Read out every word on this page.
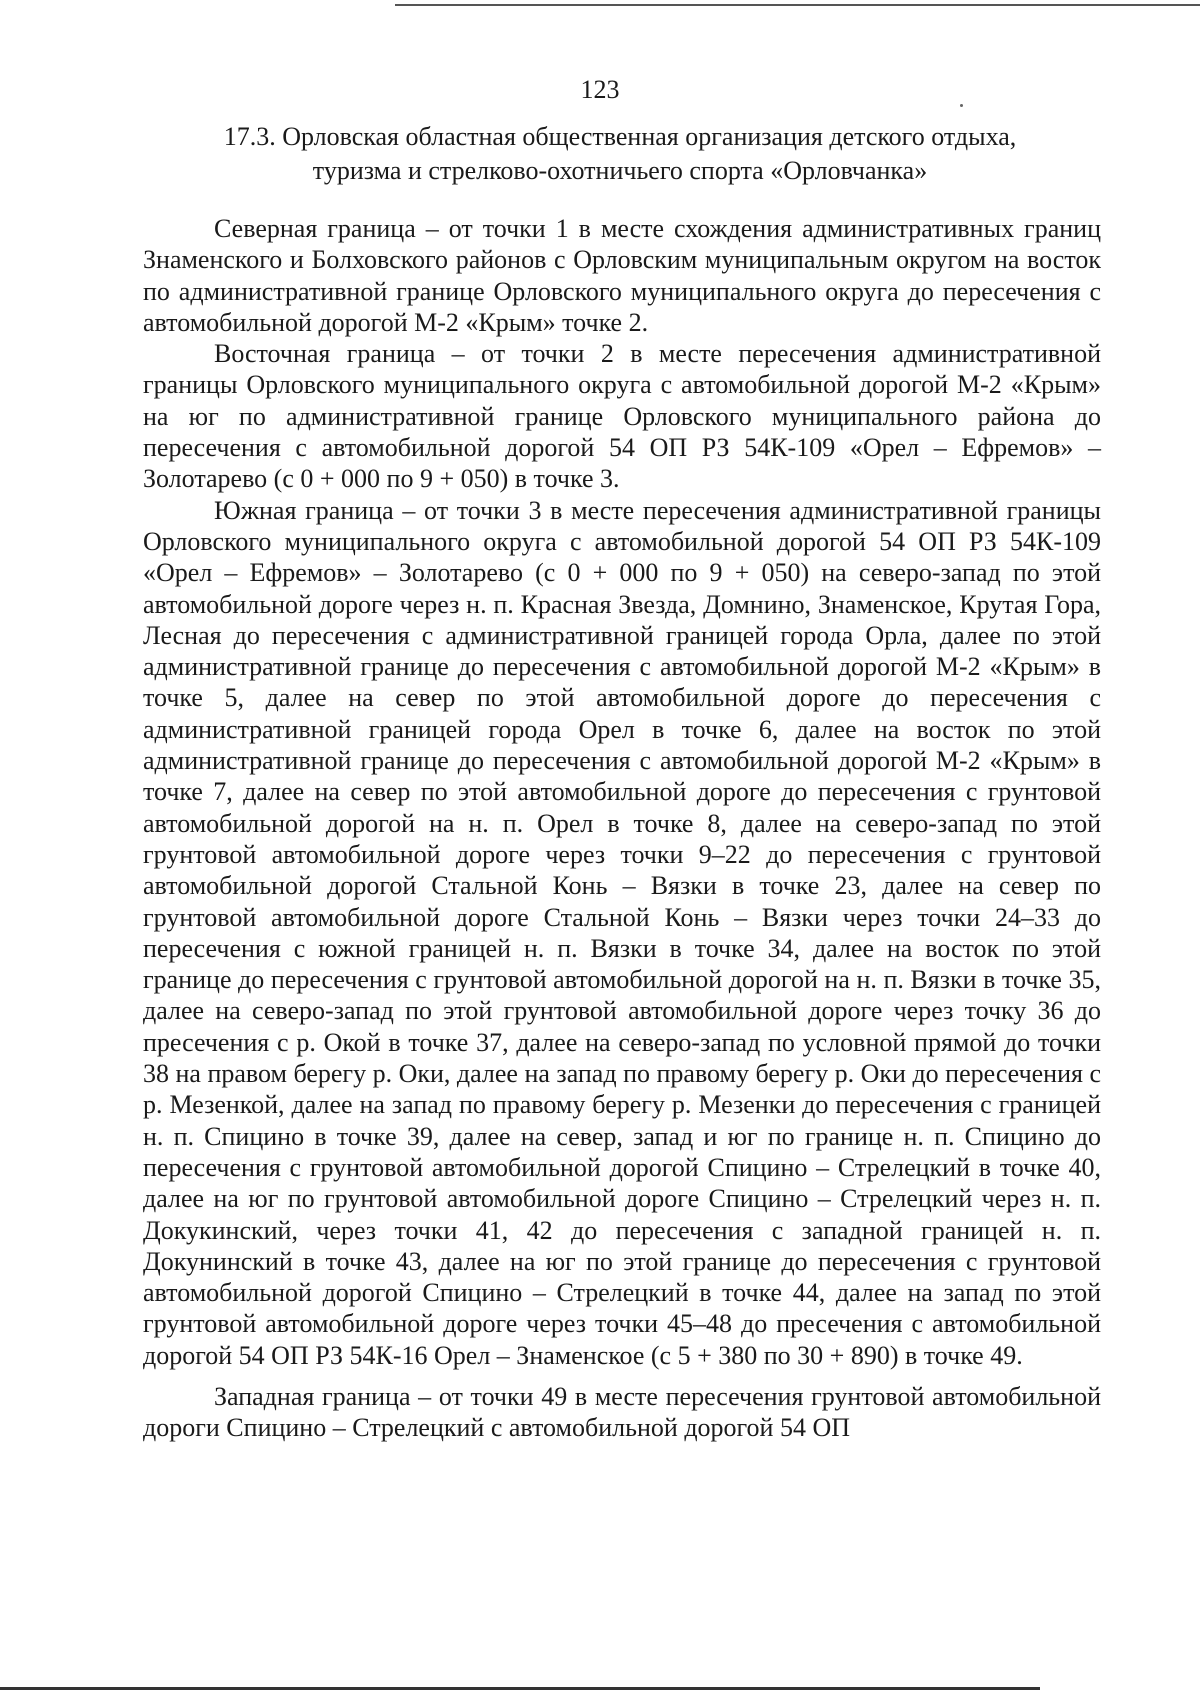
123
17.3. Орловская областная общественная организация детского отдыха,
туризма и стрелково-охотничьего спорта «Орловчанка»

Северная граница – от точки 1 в месте схождения административных границ Знаменского и Болховского районов с Орловским муниципальным округом на восток по административной границе Орловского муниципального округа до пересечения с автомобильной дорогой М-2 «Крым» точке 2.

Восточная граница – от точки 2 в месте пересечения административной границы Орловского муниципального округа с автомобильной дорогой М-2 «Крым» на юг по административной границе Орловского муниципального района до пересечения с автомобильной дорогой 54 ОП РЗ 54К-109 «Орел – Ефремов» – Золотарево (с 0 + 000 по 9 + 050) в точке 3.

Южная граница – от точки 3 в месте пересечения административной границы Орловского муниципального округа с автомобильной дорогой 54 ОП РЗ 54К-109 «Орел – Ефремов» – Золотарево (с 0 + 000 по 9 + 050) на северо-запад по этой автомобильной дороге через н. п. Красная Звезда, Домнино, Знаменское, Крутая Гора, Лесная до пересечения с административной границей города Орла, далее по этой административной границе до пересечения с автомобильной дорогой М-2 «Крым» в точке 5, далее на север по этой автомобильной дороге до пересечения с административной границей города Орел в точке 6, далее на восток по этой административной границе до пересечения с автомобильной дорогой М-2 «Крым» в точке 7, далее на север по этой автомобильной дороге до пересечения с грунтовой автомобильной дорогой на н. п. Орел в точке 8, далее на северо-запад по этой грунтовой автомобильной дороге через точки 9–22 до пересечения с грунтовой автомобильной дорогой Стальной Конь – Вязки в точке 23, далее на север по грунтовой автомобильной дороге Стальной Конь – Вязки через точки 24–33 до пересечения с южной границей н. п. Вязки в точке 34, далее на восток по этой границе до пересечения с грунтовой автомобильной дорогой на н. п. Вязки в точке 35, далее на северо-запад по этой грунтовой автомобильной дороге через точку 36 до пресечения с р. Окой в точке 37, далее на северо-запад по условной прямой до точки 38 на правом берегу р. Оки, далее на запад по правому берегу р. Оки до пересечения с р. Мезенкой, далее на запад по правому берегу р. Мезенки до пересечения с границей н. п. Спицино в точке 39, далее на север, запад и юг по границе н. п. Спицино до пересечения с грунтовой автомобильной дорогой Спицино – Стрелецкий в точке 40, далее на юг по грунтовой автомобильной дороге Спицино – Стрелецкий через н. п. Докукинский, через точки 41, 42 до пересечения с западной границей н. п. Докунинский в точке 43, далее на юг по этой границе до пересечения с грунтовой автомобильной дорогой Спицино – Стрелецкий в точке 44, далее на запад по этой грунтовой автомобильной дороге через точки 45–48 до пресечения с автомобильной дорогой 54 ОП РЗ 54К-16 Орел – Знаменское (с 5 + 380 по 30 + 890) в точке 49.

Западная граница – от точки 49 в месте пересечения грунтовой автомобильной дороги Спицино – Стрелецкий с автомобильной дорогой 54 ОП
